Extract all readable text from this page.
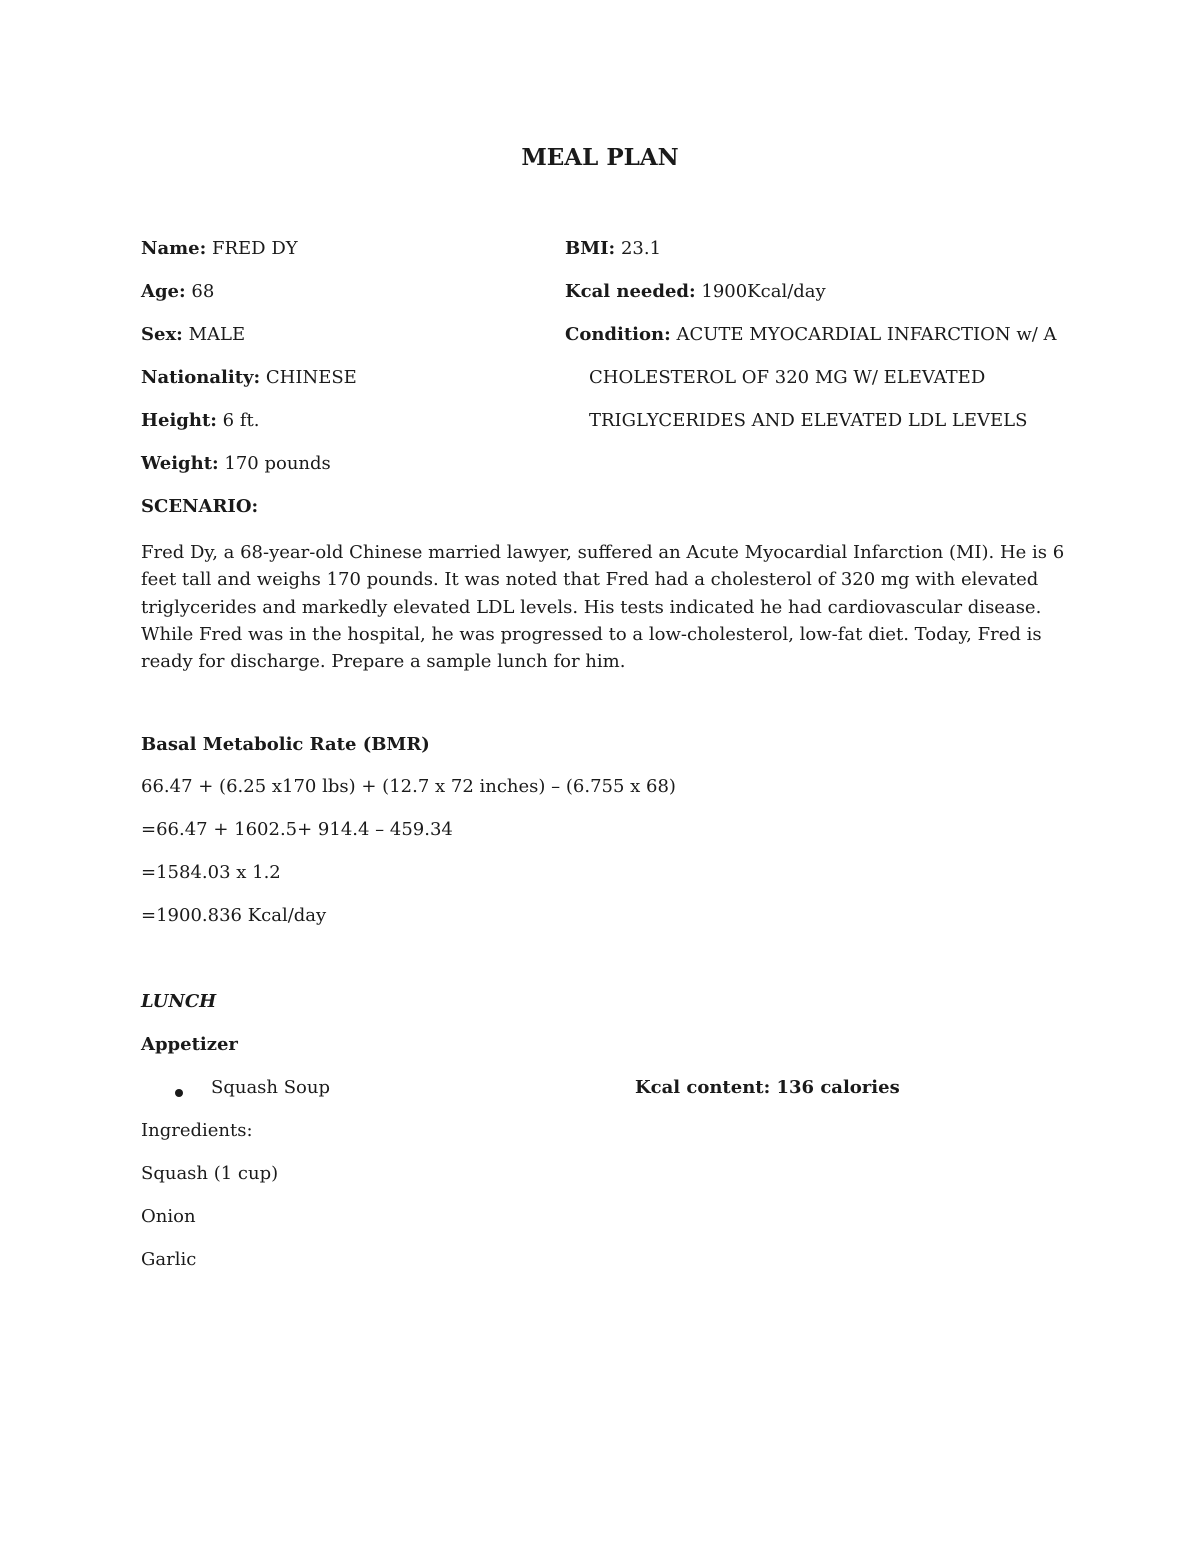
MEAL PLAN
Name: FRED DY
Age: 68
Sex: MALE
Nationality: CHINESE
Height: 6 ft.
Weight: 170 pounds
BMI: 23.1
Kcal needed: 1900Kcal/day
Condition: ACUTE MYOCARDIAL INFARCTION w/ A
CHOLESTEROL OF 320 MG W/ ELEVATED
TRIGLYCERIDES AND ELEVATED LDL LEVELS
SCENARIO:
Fred Dy, a 68-year-old Chinese married lawyer, suffered an Acute Myocardial Infarction (MI). He is 6
feet tall and weighs 170 pounds. It was noted that Fred had a cholesterol of 320 mg with elevated
triglycerides and markedly elevated LDL levels. His tests indicated he had cardiovascular disease.
While Fred was in the hospital, he was progressed to a low-cholesterol, low-fat diet. Today, Fred is
ready for discharge. Prepare a sample lunch for him.
Basal Metabolic Rate (BMR)
66.47 + (6.25 x170 lbs) + (12.7 x 72 inches) – (6.755 x 68)
=66.47 + 1602.5+ 914.4 – 459.34
=1584.03 x 1.2
=1900.836 Kcal/day
LUNCH
Appetizer
Squash Soup	Kcal content: 136 calories
Ingredients:
Squash (1 cup)
Onion
Garlic
